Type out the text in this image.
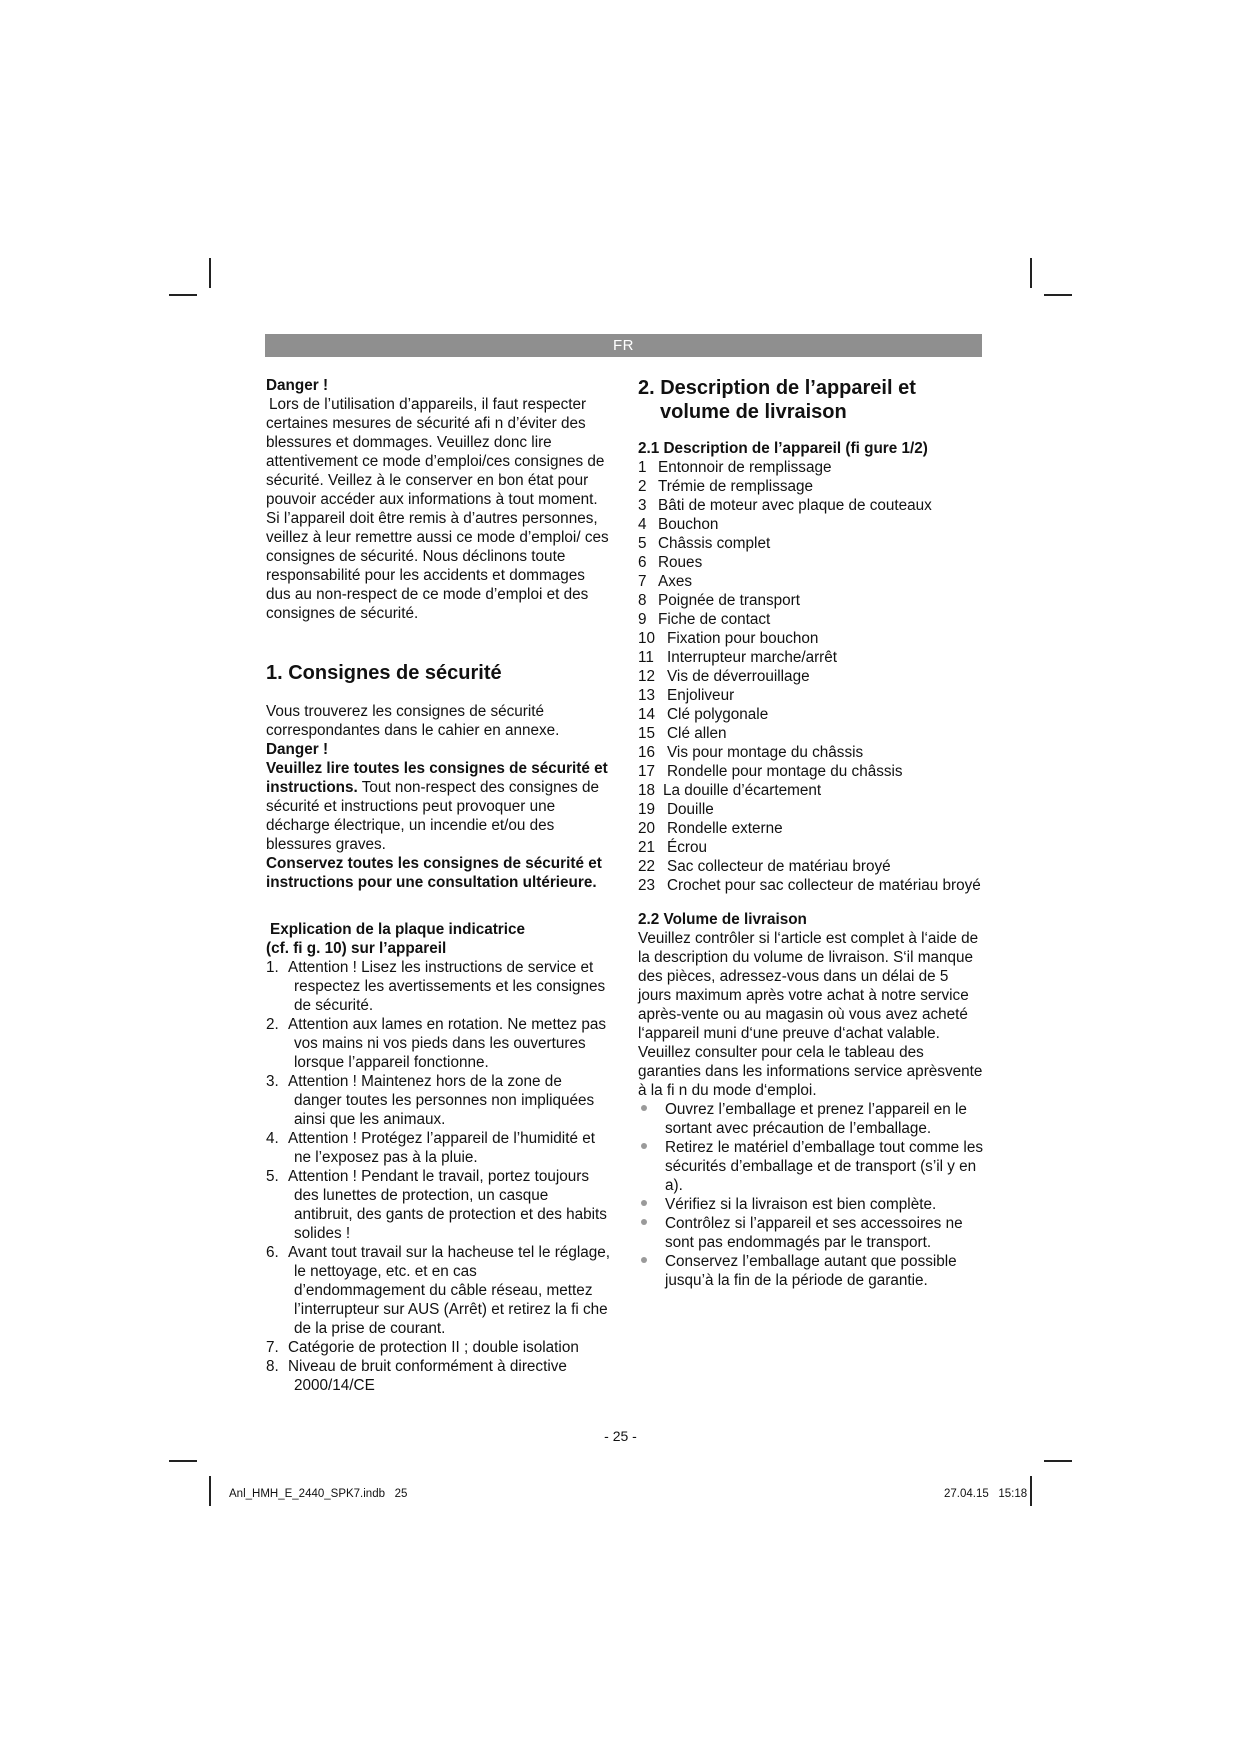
FR

Danger !

Lors de l’utilisation d’appareils, il faut respecter certaines mesures de sécurité afi n d’éviter des blessures et dommages. Veuillez donc lire attentivement ce mode d’emploi/ces consignes de sécurité. Veillez à le conserver en bon état pour pouvoir accéder aux informations à tout moment. Si l’appareil doit être remis à d’autres personnes, veillez à leur remettre aussi ce mode d’emploi/ ces consignes de sécurité. Nous déclinons toute responsabilité pour les accidents et dommages dus au non-respect de ce mode d’emploi et des consignes de sécurité.

1. Consignes de sécurité

Vous trouverez les consignes de sécurité correspondantes dans le cahier en annexe.

Danger !

Veuillez lire toutes les consignes de sécurité et instructions. Tout non-respect des consignes de sécurité et instructions peut provoquer une décharge électrique, un incendie et/ou des blessures graves.

Conservez toutes les consignes de sécurité et instructions pour une consultation ultérieure.

Explication de la plaque indicatrice

(cf. fi g. 10) sur l’appareil

1. Attention ! Lisez les instructions de service et respectez les avertissements et les consignes de sécurité.
2. Attention aux lames en rotation. Ne mettez pas vos mains ni vos pieds dans les ouvertures lorsque l’appareil fonctionne.
3. Attention ! Maintenez hors de la zone de danger toutes les personnes non impliquées ainsi que les animaux.
4. Attention ! Protégez l’appareil de l’humidité et ne l’exposez pas à la pluie.
5. Attention ! Pendant le travail, portez toujours des lunettes de protection, un casque antibruit, des gants de protection et des habits solides !
6. Avant tout travail sur la hacheuse tel le réglage, le nettoyage, etc. et en cas d’endommagement du câble réseau, mettez l’interrupteur sur AUS (Arrêt) et retirez la fi che de la prise de courant.
7. Catégorie de protection II ; double isolation
8. Niveau de bruit conformément à directive 2000/14/CE

2. Description de l’appareil et volume de livraison

2.1 Description de l’appareil (fi gure 1/2)

1 Entonnoir de remplissage
2 Trémie de remplissage
3 Bâti de moteur avec plaque de couteaux
4 Bouchon
5 Châssis complet
6 Roues
7 Axes
8 Poignée de transport
9 Fiche de contact
10 Fixation pour bouchon
11 Interrupteur marche/arrêt
12 Vis de déverrouillage
13 Enjoliveur
14 Clé polygonale
15 Clé allen
16 Vis pour montage du châssis
17 Rondelle pour montage du châssis
18 La douille d’écartement
19 Douille
20 Rondelle externe
21 Écrou
22 Sac collecteur de matériau broyé
23 Crochet pour sac collecteur de matériau broyé

2.2 Volume de livraison

Veuillez contrôler si l‘article est complet à l‘aide de la description du volume de livraison. S‘il manque des pièces, adressez-vous dans un délai de 5 jours maximum après votre achat à notre service après-vente ou au magasin où vous avez acheté l‘appareil muni d‘une preuve d‘achat valable. Veuillez consulter pour cela le tableau des garanties dans les informations service aprèsvente à la fi n du mode d‘emploi.

Ouvrez l’emballage et prenez l’appareil en le sortant avec précaution de l’emballage.
Retirez le matériel d’emballage tout comme les sécurités d’emballage et de transport (s’il y en a).
Vérifiez si la livraison est bien complète.
Contrôlez si l’appareil et ses accessoires ne sont pas endommagés par le transport.
Conservez l’emballage autant que possible jusqu’à la fin de la période de garantie.
- 25 -
Anl_HMH_E_2440_SPK7.indb   25	27.04.15   15:18
